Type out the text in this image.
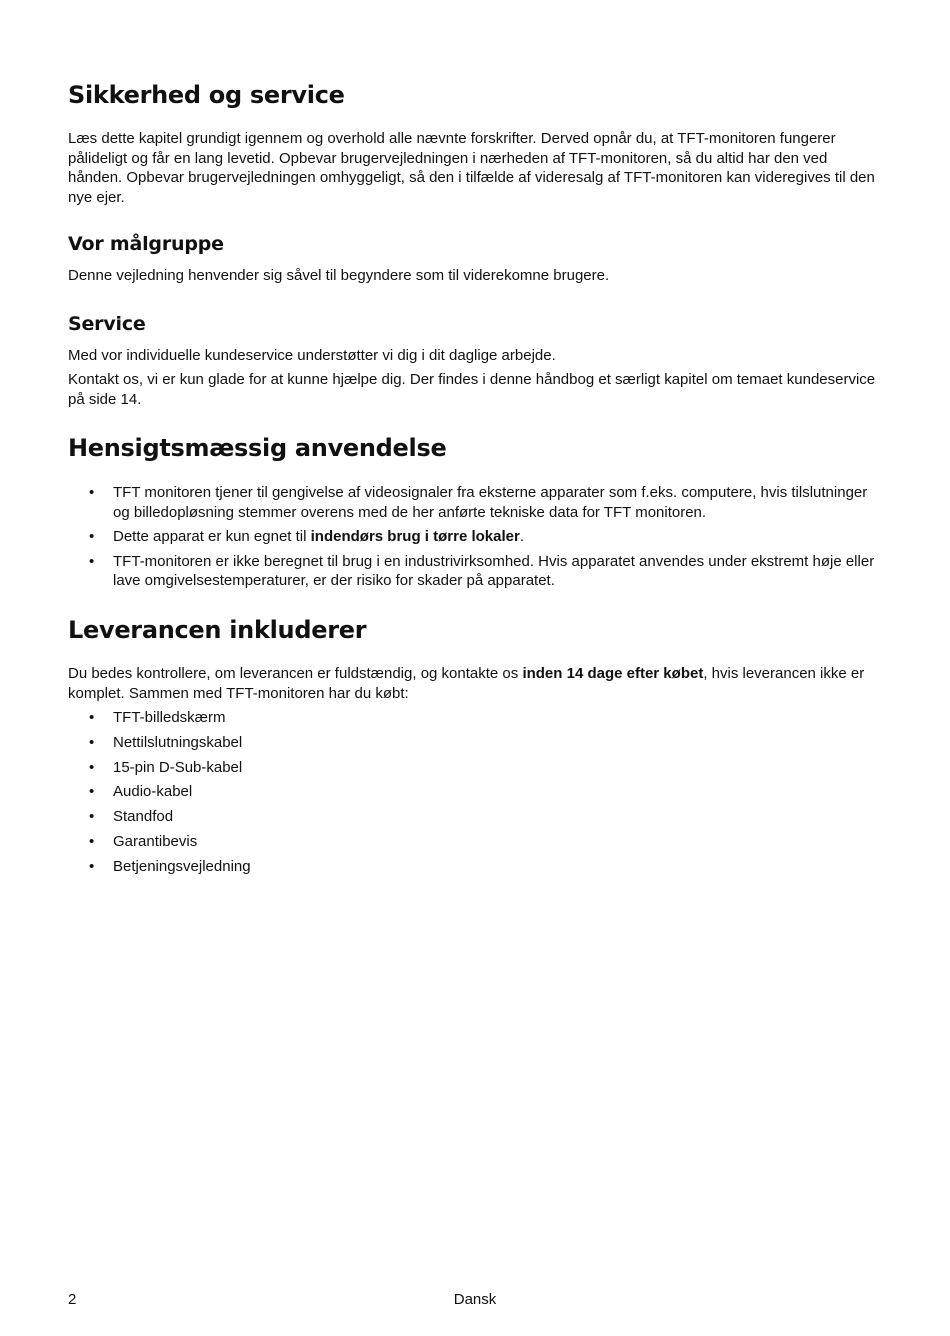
Sikkerhed og service

Læs dette kapitel grundigt igennem og overhold alle nævnte forskrifter. Derved opnår du, at TFT-monitoren fungerer pålideligt og får en lang levetid. Opbevar brugervejledningen i nærheden af TFT-monitoren, så du altid har den ved hånden. Opbevar brugervejledningen omhyggeligt, så den i tilfælde af videresalg af TFT-monitoren kan videregives til den nye ejer.

Vor målgruppe

Denne vejledning henvender sig såvel til begyndere som til viderekomne brugere.

Service

Med vor individuelle kundeservice understøtter vi dig i dit daglige arbejde.

Kontakt os, vi er kun glade for at kunne hjælpe dig. Der findes i denne håndbog et særligt kapitel om temaet kundeservice på side 14.

Hensigtsmæssig anvendelse
• TFT monitoren tjener til gengivelse af videosignaler fra eksterne apparater som f.eks. computere, hvis tilslutninger og billedopløsning stemmer overens med de her anførte tekniske data for TFT monitoren.
• Dette apparat er kun egnet til indendørs brug i tørre lokaler.
• TFT-monitoren er ikke beregnet til brug i en industrivirksomhed. Hvis apparatet anvendes under ekstremt høje eller lave omgivelsestemperaturer, er der risiko for skader på apparatet.
Leverancen inkluderer

Du bedes kontrollere, om leverancen er fuldstændig, og kontakte os inden 14 dage efter købet, hvis leverancen ikke er komplet. Sammen med TFT-monitoren har du købt:

• TFT-billedskærm
• Nettilslutningskabel
• 15-pin D-Sub-kabel
• Audio-kabel
• Standfod
• Garantibevis
• Betjeningsvejledning
2	Dansk
